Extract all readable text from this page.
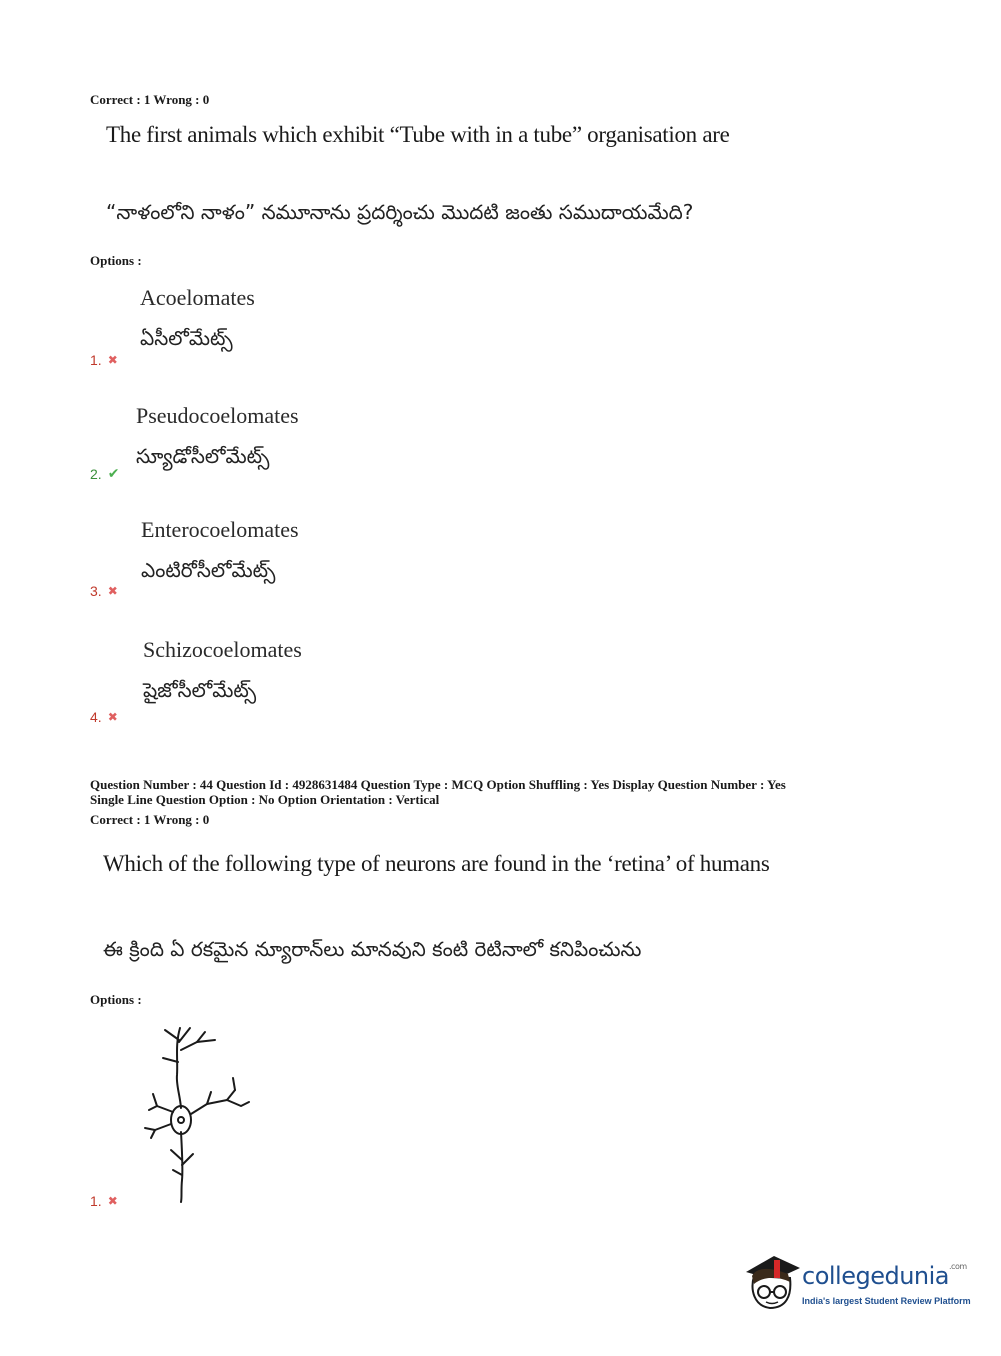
Correct : 1 Wrong : 0
The first animals which exhibit “Tube with in a tube” organisation are
“నాళంలోని నాళం” నమూనాను ప్రదర్శించు మొదటి జంతు సముదాయమేది?
Options :
Acoelomates
ఏసీలోమేట్స్
1. ✖
Pseudocoelomates
స్యూడోసీలోమేట్స్
2. ✔
Enterocoelomates
ఎంటిరోసీలోమేట్స్
3. ✖
Schizocoelomates
షైజోసీలోమేట్స్
4. ✖
Question Number : 44 Question Id : 4928631484 Question Type : MCQ Option Shuffling : Yes Display Question Number : Yes
Single Line Question Option : No Option Orientation : Vertical
Correct : 1 Wrong : 0
Which of the following type of neurons are found in the ‘retina’ of humans
ఈ క్రింది ఏ రకమైన న్యూరాన్‌లు మానవుని కంటి రెటినాలో కనిపించును
Options :
1. ✖
collegedunia$^{.com}$
India's largest Student Review Platform
